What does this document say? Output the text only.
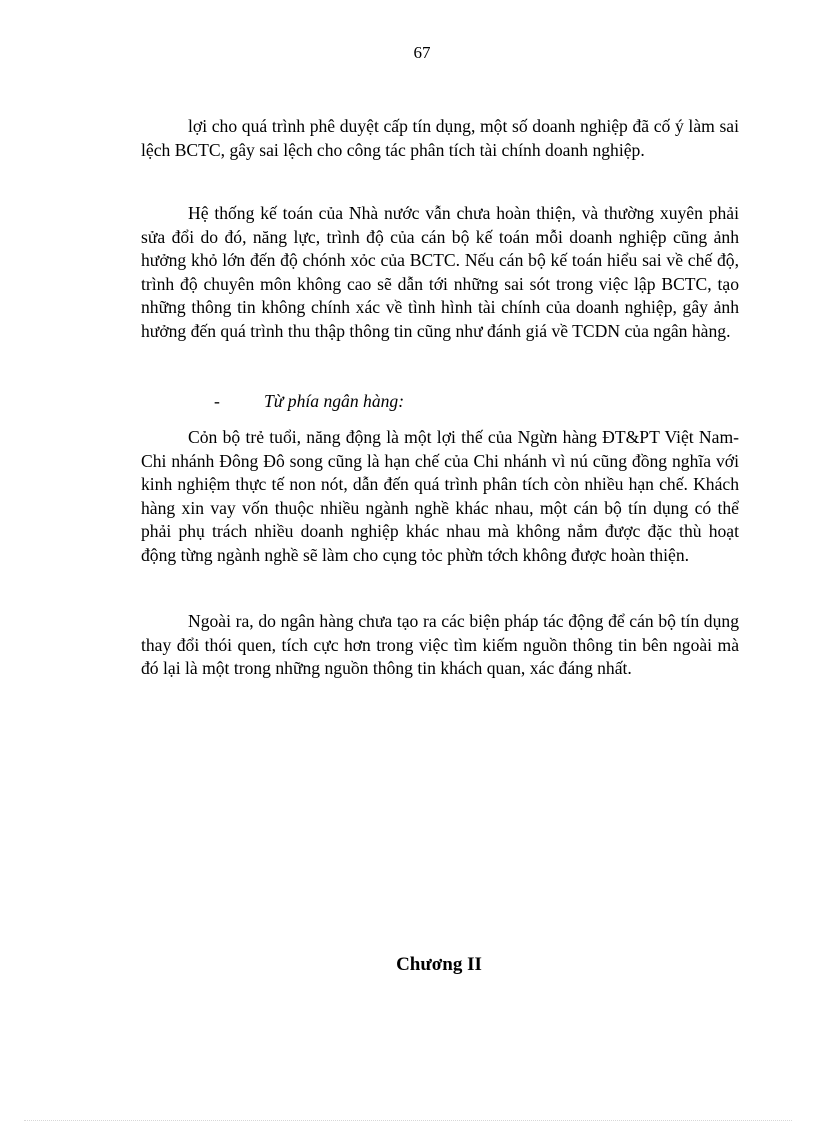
67

lợi cho quá trình phê duyệt cấp tín dụng, một số doanh nghiệp đã cố ý làm sai lệch BCTC, gây sai lệch cho công tác phân tích tài chính doanh nghiệp.

Hệ thống kế toán của Nhà nước vẫn chưa hoàn thiện, và thường xuyên phải sửa đổi do đó, năng lực, trình độ của cán bộ kế toán mỗi doanh nghiệp cũng ảnh hưởng khỏ lớn đến độ chónh xỏc của BCTC. Nếu cán bộ kế toán hiểu sai về chế độ, trình độ chuyên môn không cao sẽ dẫn tới những sai sót trong việc lập BCTC, tạo những thông tin không chính xác về tình hình tài chính của doanh nghiệp, gây ảnh hưởng đến quá trình thu thập thông tin cũng như đánh giá về TCDN của ngân hàng.

-	Từ phía ngân hàng:

Cỏn bộ trẻ tuổi, năng động là một lợi thế của Ngừn hàng ĐT&PT Việt Nam- Chi nhánh Đông Đô song cũng là hạn chế của Chi nhánh vì nú cũng đồng nghĩa với kinh nghiệm thực tế non nót, dẫn đến quá trình phân tích còn nhiều hạn chế. Khách hàng xin vay vốn thuộc nhiều ngành nghề khác nhau, một cán bộ tín dụng có thể phải phụ trách nhiều doanh nghiệp khác nhau mà không nắm được đặc thù hoạt động từng ngành nghề sẽ làm cho cụng tỏc phừn tớch không được hoàn thiện.

Ngoài ra, do ngân hàng chưa tạo ra các biện pháp tác động để cán bộ tín dụng thay đổi thói quen, tích cực hơn trong việc tìm kiếm nguồn thông tin bên ngoài mà đó lại là một trong những nguồn thông tin khách quan, xác đáng nhất.

Chương II
